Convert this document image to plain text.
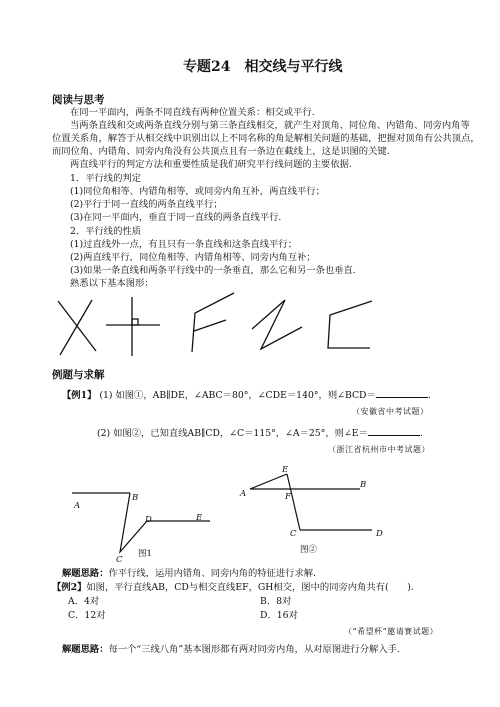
专题24　相交线与平行线
阅读与思考
在同一平面内，两条不同直线有两种位置关系：相交或平行.
当两条直线和交或两条直线分别与第三条直线相交，就产生对顶角、同位角、内错角、同旁内角等
位置关系角，解答于从相交线中识别出以上不同名称的角是解相关问题的基础，把握对顶角有公共顶点，
而同位角、内错角、同旁内角没有公共顶点且有一条边在截线上，这是识图的关键.
两直线平行的判定方法和重要性质是我们研究平行线问题的主要依据.
1．平行线的判定
(1)同位角相等、内错角相等，或同旁内角互补，两直线平行；
(2)平行于同一直线的两条直线平行；
(3)在同一平面内，垂直于同一直线的两条直线平行.
2．平行线的性质
(1)过直线外一点，有且只有一条直线和这条直线平行；
(2)两直线平行，同位角相等、内错角相等、同旁内角互补；
(3)如果一条直线和两条平行线中的一条垂直，那么它和另一条也垂直.
熟悉以下基本图形：
例题与求解
【例1】 (1) 如图①，AB∥DE，∠ABC＝80°，∠CDE＝140°，则∠BCD＝	.
（安徽省中考试题）
(2) 如图②，已知直线AB∥CD，∠C＝115°，∠A＝25°，则∠E＝	.
（浙江省杭州市中考试题）
A
B
C
D	E
图1
A
B
C	D
E
F
图②
解题思路：作平行线，运用内错角、同旁内角的特征进行求解.
【例2】如图，平行直线AB，CD与相交直线EF，GH相交，图中的同旁内角共有(　　).
A．4对	B．8对
C．12对	D．16对
（“希望杯”邀请赛试题）
解题思路：每一个“三线八角”基本图形都有两对同旁内角，从对原图进行分解入手.
